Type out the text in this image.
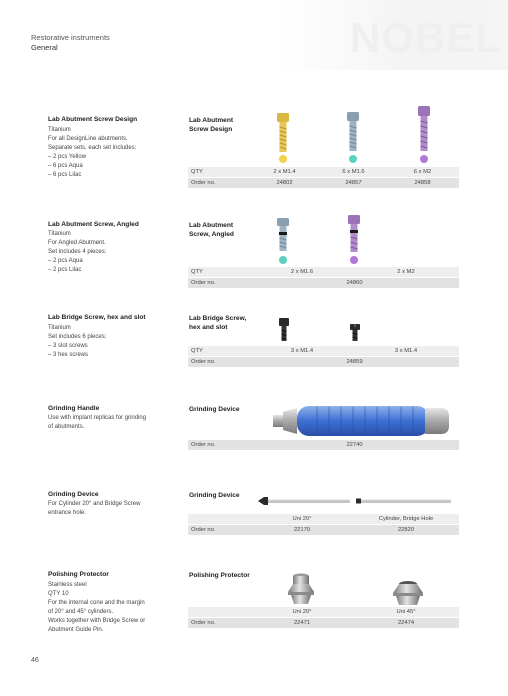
Restorative instruments
General	NOBEL
Lab Abutment Screw Design
Titanium
For all DesignLine abutments.
Separate sets, each set includes:
– 2 pcs Yellow
– 6 pcs Aqua
– 6 pcs Lilac
Lab Abutment
Screw Design
QTY	2 x M1.4	6 x M1.6	6 x M2
Order no.	24802	24857	24858
Lab Abutment Screw, Angled
Titanium
For Angled Abutment.
Set includes 4 pieces:
– 2 pcs Aqua
– 2 pcs Lilac
Lab Abutment
Screw, Angled
QTY	2 x M1.6	2 x M2
Order no.	24860
Lab Bridge Screw, hex and slot
Titanium
Set includes 6 pieces:
– 3 slot screws
– 3 hex screws
Lab Bridge Screw,
hex and slot
QTY	3 x M1.4	3 x M1.4
Order no.	24859
Grinding Handle
Use with implant replicas for grinding
of abutments.
Grinding Device
Order no.	22740
Grinding Device
For Cylinder 20° and Bridge Screw
entrance hole.
Grinding Device
Uni 20°	Cylinder, Bridge Hole
Order no.	22170	22820
Polishing Protector
Stainless steel
QTY 10
For the internal cone and the margin
of 20° and 45° cylinders.
Works together with Bridge Screw or
Abutment Guide Pin.
Polishing Protector
Uni 20°	Uni 45°
Order no.	22471	22474
46
